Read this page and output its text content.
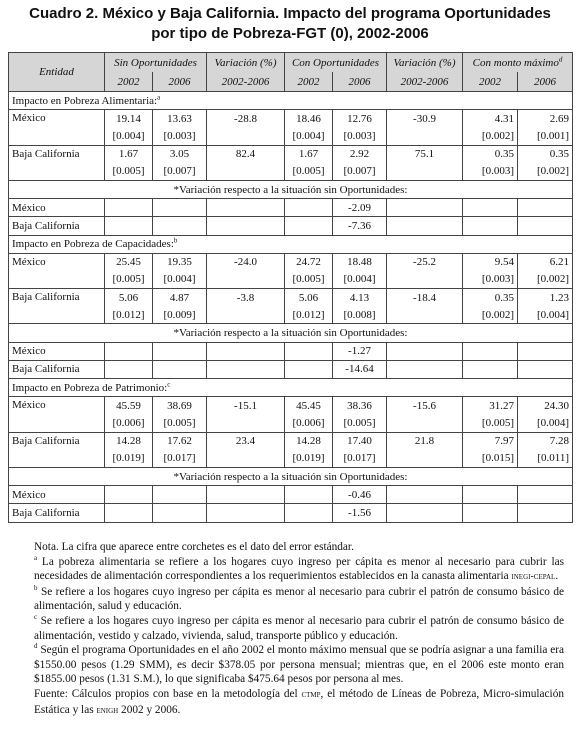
Cuadro 2. México y Baja California. Impacto del programa Oportunidades
por tipo de Pobreza-FGT (0), 2002-2006
Entidad	Sin Oportunidades		Variación (%)	Con Oportunidades		Variación (%)	Con monto máximo$^d$
	2002	2006	2002-2006	2002	2006	2002-2006	2002	2006
Impacto en Pobreza Alimentaria:$^a$
México	19.14	13.63	-28.8	18.46	12.76	-30.9	4.31	2.69
	[0.004]	[0.003]		[0.004]	[0.003]		[0.002]	[0.001]
Baja California	1.67	3.05	82.4	1.67	2.92	75.1	0.35	0.35
	[0.005]	[0.007]		[0.005]	[0.007]		[0.003]	[0.002]
*Variación respecto a la situación sin Oportunidades:								
México					-2.09			
Baja California					-7.36			
Impacto en Pobreza de Capacidades:$^b$
México	25.45	19.35	-24.0	24.72	18.48	-25.2	9.54	6.21
	[0.005]	[0.004]		[0.005]	[0.004]		[0.003]	[0.002]
Baja California	5.06	4.87	-3.8	5.06	4.13	-18.4	0.35	1.23
	[0.012]	[0.009]		[0.012]	[0.008]		[0.002]	[0.004]
*Variación respecto a la situación sin Oportunidades:								
México					-1.27			
Baja California					-14.64			
Impacto en Pobreza de Patrimonio:$^c$
México	45.59	38.69	-15.1	45.45	38.36	-15.6	31.27	24.30
	[0.006]	[0.005]		[0.006]	[0.005]		[0.005]	[0.004]
Baja California	14.28	17.62	23.4	14.28	17.40	21.8	7.97	7.28
	[0.019]	[0.017]		[0.019]	[0.017]		[0.015]	[0.011]
*Variación respecto a la situación sin Oportunidades:								
México					-0.46			
Baja California					-1.56			

Nota. La cifra que aparece entre corchetes es el dato del error estándar.

$^a$ La pobreza alimentaria se refiere a los hogares cuyo ingreso per cápita es menor al necesario para cubrir las necesidades de alimentación correspondientes a los requerimientos establecidos en la canasta alimentaria inegi-cepal.

$^b$ Se refiere a los hogares cuyo ingreso per cápita es menor al necesario para cubrir el patrón de consumo básico de alimentación, salud y educación.

$^c$ Se refiere a los hogares cuyo ingreso per cápita es menor al necesario para cubrir el patrón de consumo básico de alimentación, vestido y calzado, vivienda, salud, transporte público y educación.

$^d$ Según el programa Oportunidades en el año 2002 el monto máximo mensual que se podría asignar a una familia era $1550.00 pesos (1.29 SMM), es decir $378.05 por persona mensual; mientras que, en el 2006 este monto eran $1855.00 pesos (1.31 S.M.), lo que significaba $475.64 pesos por persona al mes.

Fuente: Cálculos propios con base en la metodología del ctmp, el método de Líneas de Pobreza, Micro-simulación Estática y las enigh 2002 y 2006.
